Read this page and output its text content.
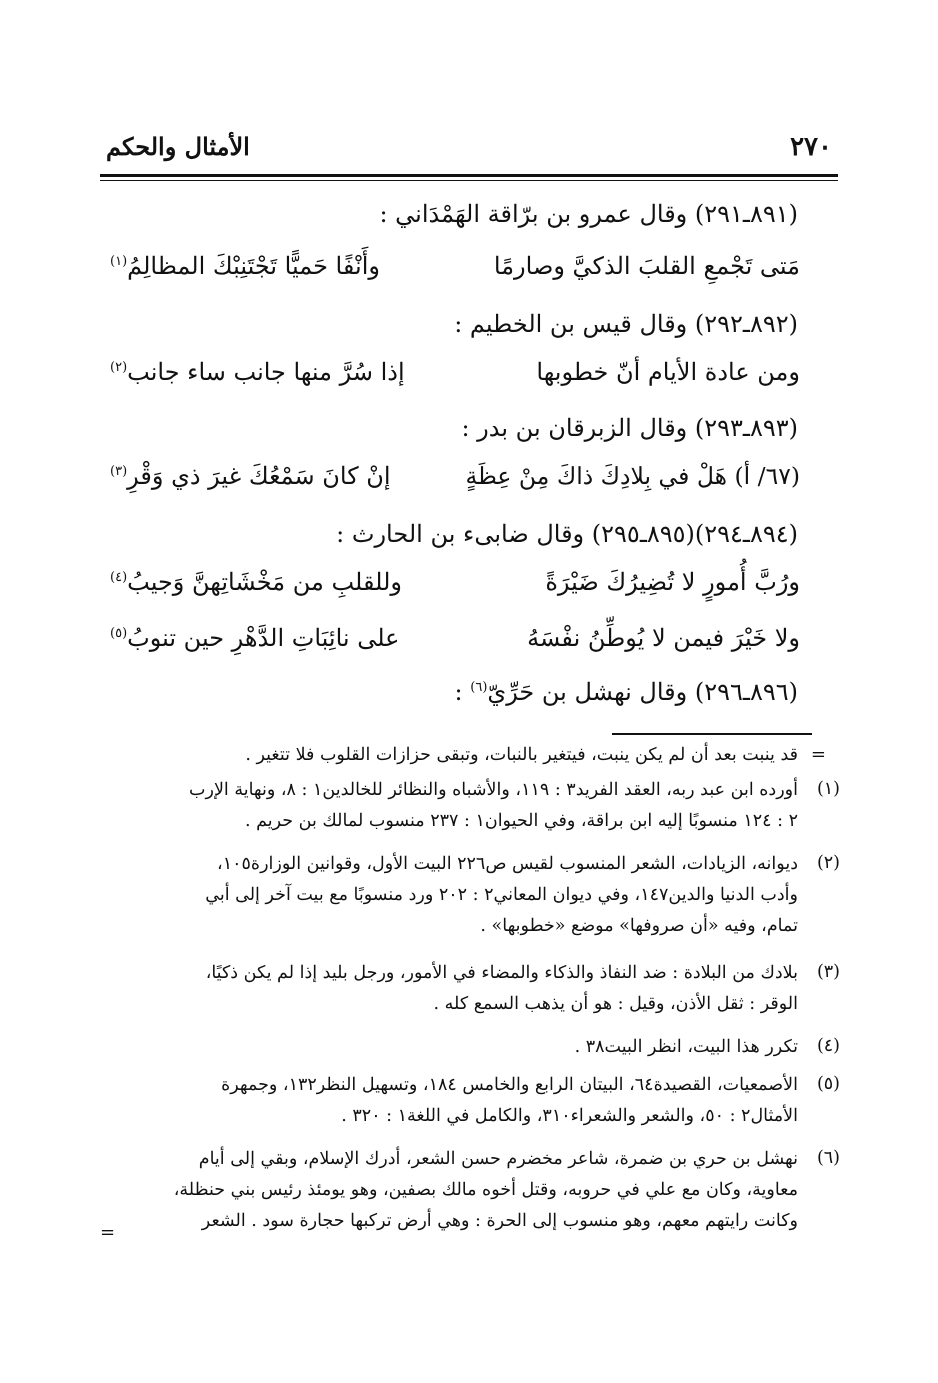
٢٧٠
الأمثال والحكم
(٨٩١ـ٢٩١) وقال عمرو بن برّاقة الهَمْدَاني :
مَتى تَجْمعِ القلبَ الذكيَّ وصارمًا
وأَنْفًا حَميًّا تَجْتَنِبْكَ المظالِمُ$^{(١)}$
(٨٩٢ـ٢٩٢) وقال قيس بن الخطيم :
ومن عادة الأيام أنّ خطوبها
إذا سُرَّ منها جانب ساء جانب$^{(٢)}$
(٨٩٣ـ٢٩٣) وقال الزبرقان بن بدر :
(٦٧/ أ) هَلْ في بِلادِكَ ذاكَ مِنْ عِظَةٍ
إنْ كانَ سَمْعُكَ غيرَ ذي وَقْرِ$^{(٣)}$
(٨٩٤ـ٢٩٤)(٨٩٥ـ٢٩٥) وقال ضابىء بن الحارث :
ورُبَّ أُمورٍ لا تُضِيرُكَ ضَيْرَةً
وللقلبِ من مَخْشَاتِهنَّ وَجيبُ$^{(٤)}$
ولا خَيْرَ فيمن لا يُوطِّنُ نفْسَهُ
على نائِبَاتِ الدَّهْرِ حين تنوبُ$^{(٥)}$
(٨٩٦ـ٢٩٦) وقال نهشل بن حَرِّيّ$^{(٦)}$ :
=
قد ينبت بعد أن لم يكن ينبت، فيتغير بالنبات، وتبقى حزازات القلوب فلا تتغير .
(١)
أورده ابن عبد ربه، العقد الفريد٣ : ١١٩، والأشباه والنظائر للخالدين١ : ٨، ونهاية الإرب
٢ : ١٢٤ منسوبًا إليه ابن براقة، وفي الحيوان١ : ٢٣٧ منسوب لمالك بن حريم .
(٢)
ديوانه، الزيادات، الشعر المنسوب لقيس ص٢٢٦ البيت الأول، وقوانين الوزارة١٠٥،
وأدب الدنيا والدين١٤٧، وفي ديوان المعاني٢ : ٢٠٢ ورد منسوبًا مع بيت آخر إلى أبي
تمام، وفيه «أن صروفها» موضع «خطوبها» .
(٣)
بلادك من البلادة : ضد النفاذ والذكاء والمضاء في الأمور، ورجل بليد إذا لم يكن ذكيًا،
الوقر : ثقل الأذن، وقيل : هو أن يذهب السمع كله .
(٤)
تكرر هذا البيت، انظر البيت٣٨ .
(٥)
الأصمعيات، القصيدة٦٤، البيتان الرابع والخامس ١٨٤، وتسهيل النظر١٣٢، وجمهرة
الأمثال٢ : ٥٠، والشعر والشعراء٣١٠، والكامل في اللغة١ : ٣٢٠ .
(٦)
نهشل بن حري بن ضمرة، شاعر مخضرم حسن الشعر، أدرك الإسلام، وبقي إلى أيام
معاوية، وكان مع علي في حروبه، وقتل أخوه مالك بصفين، وهو يومئذ رئيس بني حنظلة،
وكانت رايتهم معهم، وهو منسوب إلى الحرة : وهي أرض تركبها حجارة سود . الشعر
=
